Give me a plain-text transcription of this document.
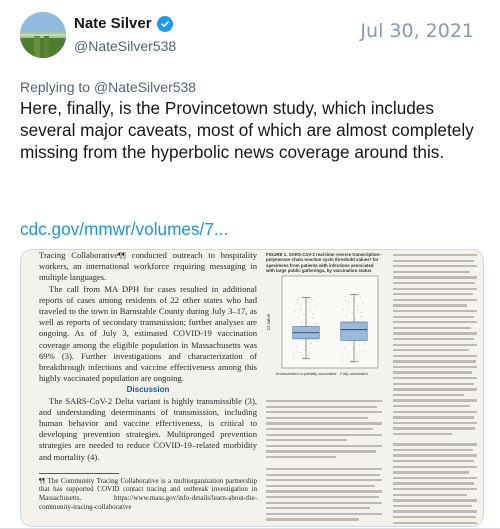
Nate Silver
@NateSilver538
Jul 30, 2021
Replying to @NateSilver538
Here, finally, is the Provincetown study, which includes several major caveats, most of which are almost completely missing from the hyperbolic news coverage around this.
cdc.gov/mmwr/volumes/7...

Tracing Collaborative¶¶ conducted outreach to hospitality workers, an international workforce requiring messaging in multiple languages.

The call from MA DPH for cases resulted in additional reports of cases among residents of 22 other states who had traveled to the town in Barnstable County during July 3–17, as well as reports of secondary transmission; further analyses are ongoing. As of July 3, estimated COVID-19 vaccination coverage among the eligible population in Massachusetts was 69% (3). Further investigations and characterization of breakthrough infections and vaccine effectiveness among this highly vaccinated population are ongoing.

Discussion

The SARS-CoV-2 Delta variant is highly transmissible (3), and understanding determinants of transmission, including human behavior and vaccine effectiveness, is critical to developing prevention strategies. Multipronged prevention strategies are needed to reduce COVID-19–related morbidity and mortality (4).

¶¶ The Community Tracing Collaborative is a multiorganization partnership that has supported COVID contact tracing and outbreak investigation in Massachusetts. https://www.mass.gov/info-details/learn-about-the-community-tracing-collaborative

FIGURE 1. SARS-CoV-2 real-time reverse transcription–polymerase chain reaction cycle threshold values* for specimens from patients with infections associated with large public gatherings, by vaccination status
Ct value
Unvaccinated or partially vaccinated Fully vaccinated
